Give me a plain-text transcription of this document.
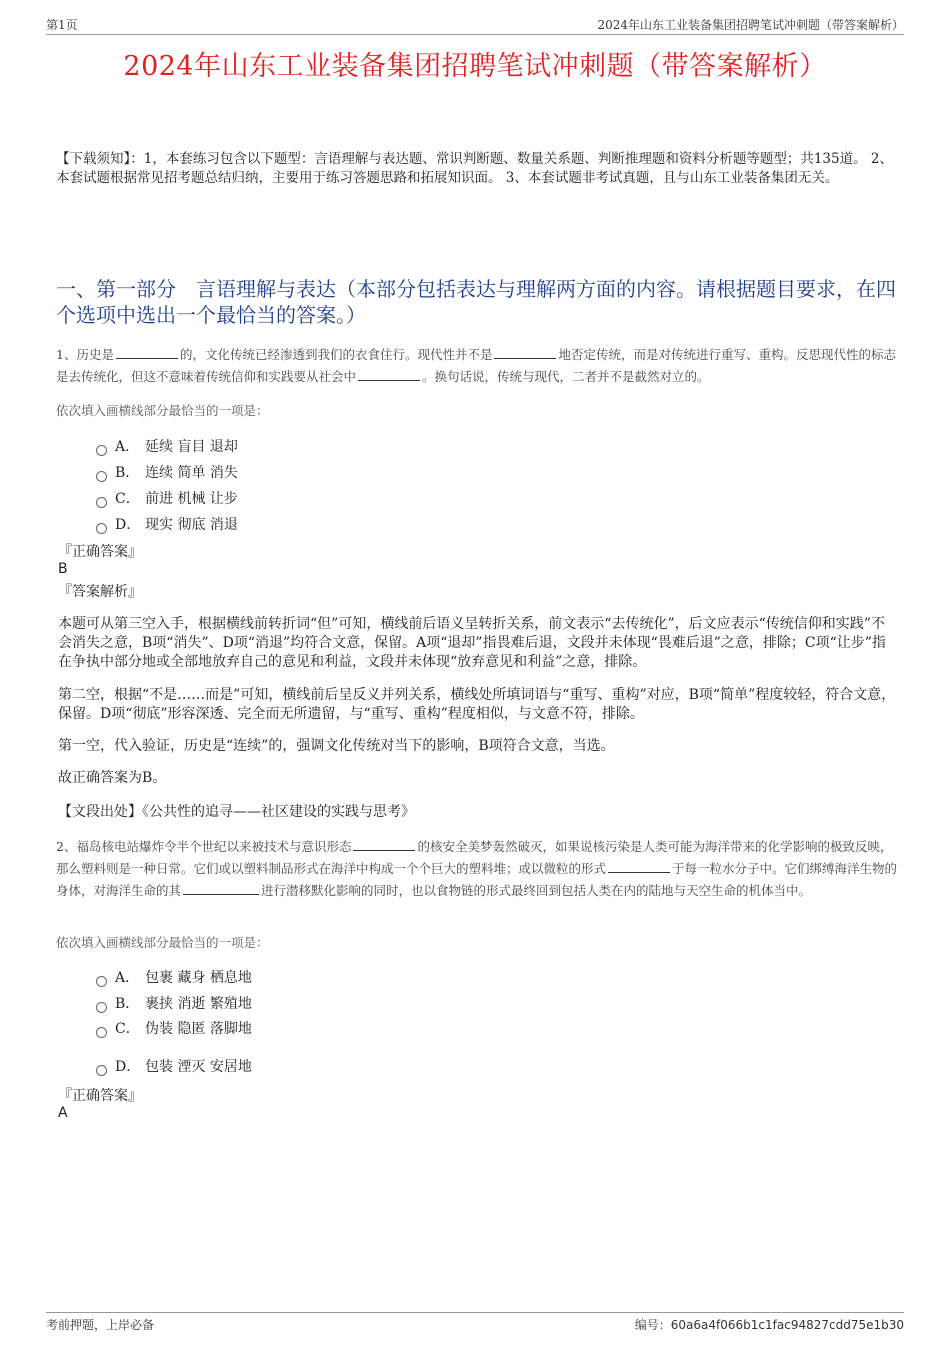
第1页	2024年山东工业装备集团招聘笔试冲刺题（带答案解析）
2024年山东工业装备集团招聘笔试冲刺题（带答案解析）
【下载须知】：1，本套练习包含以下题型：言语理解与表达题、常识判断题、数量关系题、判断推理题和资料分析题等题型；共135道。 2、本套试题根据常见招考题总结归纳，主要用于练习答题思路和拓展知识面。 3、本套试题非考试真题，且与山东工业装备集团无关。
一、第一部分　言语理解与表达（本部分包括表达与理解两方面的内容。请根据题目要求，在四个选项中选出一个最恰当的答案。）
1、历史是	的，文化传统已经渗透到我们的衣食住行。现代性并不是	地否定传统，而是对传统进行重写、重构。反思现代性的标志是去传统化，但这不意味着传统信仰和实践要从社会中	。换句话说，传统与现代，二者并不是截然对立的。
依次填入画横线部分最恰当的一项是：
A． 延续 盲目 退却
B． 连续 简单 消失
C． 前进 机械 让步
D． 现实 彻底 消退
『正确答案』
B
『答案解析』
本题可从第三空入手，根据横线前转折词“但”可知，横线前后语义呈转折关系，前文表示“去传统化”，后文应表示“传统信仰和实践”不会消失之意，B项“消失”、D项“消退”均符合文意，保留。A项“退却”指畏难后退，文段并未体现“畏难后退”之意，排除；C项“让步”指在争执中部分地或全部地放弃自己的意见和利益，文段并未体现“放弃意见和利益”之意，排除。
第二空，根据“不是……而是”可知，横线前后呈反义并列关系，横线处所填词语与“重写、重构”对应，B项“简单”程度较轻，符合文意，保留。D项“彻底”形容深透、完全而无所遗留，与“重写、重构”程度相似，与文意不符，排除。
第一空，代入验证，历史是“连续”的，强调文化传统对当下的影响，B项符合文意，当选。
故正确答案为B。
【文段出处】《公共性的追寻——社区建设的实践与思考》
2、福岛核电站爆炸令半个世纪以来被技术与意识形态	的核安全美梦轰然破灭，如果说核污染是人类可能为海洋带来的化学影响的极致反映，那么塑料则是一种日常。它们或以塑料制品形式在海洋中构成一个个巨大的塑料堆；或以微粒的形式	于每一粒水分子中。它们绑缚海洋生物的身体，对海洋生命的其	进行潜移默化影响的同时，也以食物链的形式最终回到包括人类在内的陆地与天空生命的机体当中。
依次填入画横线部分最恰当的一项是：
A． 包裹 藏身 栖息地
B． 裹挟 消逝 繁殖地
C． 伪装 隐匿 落脚地
D． 包装 湮灭 安居地
『正确答案』
A
考前押题，上岸必备	编号：60a6a4f066b1c1fac94827cdd75e1b30
